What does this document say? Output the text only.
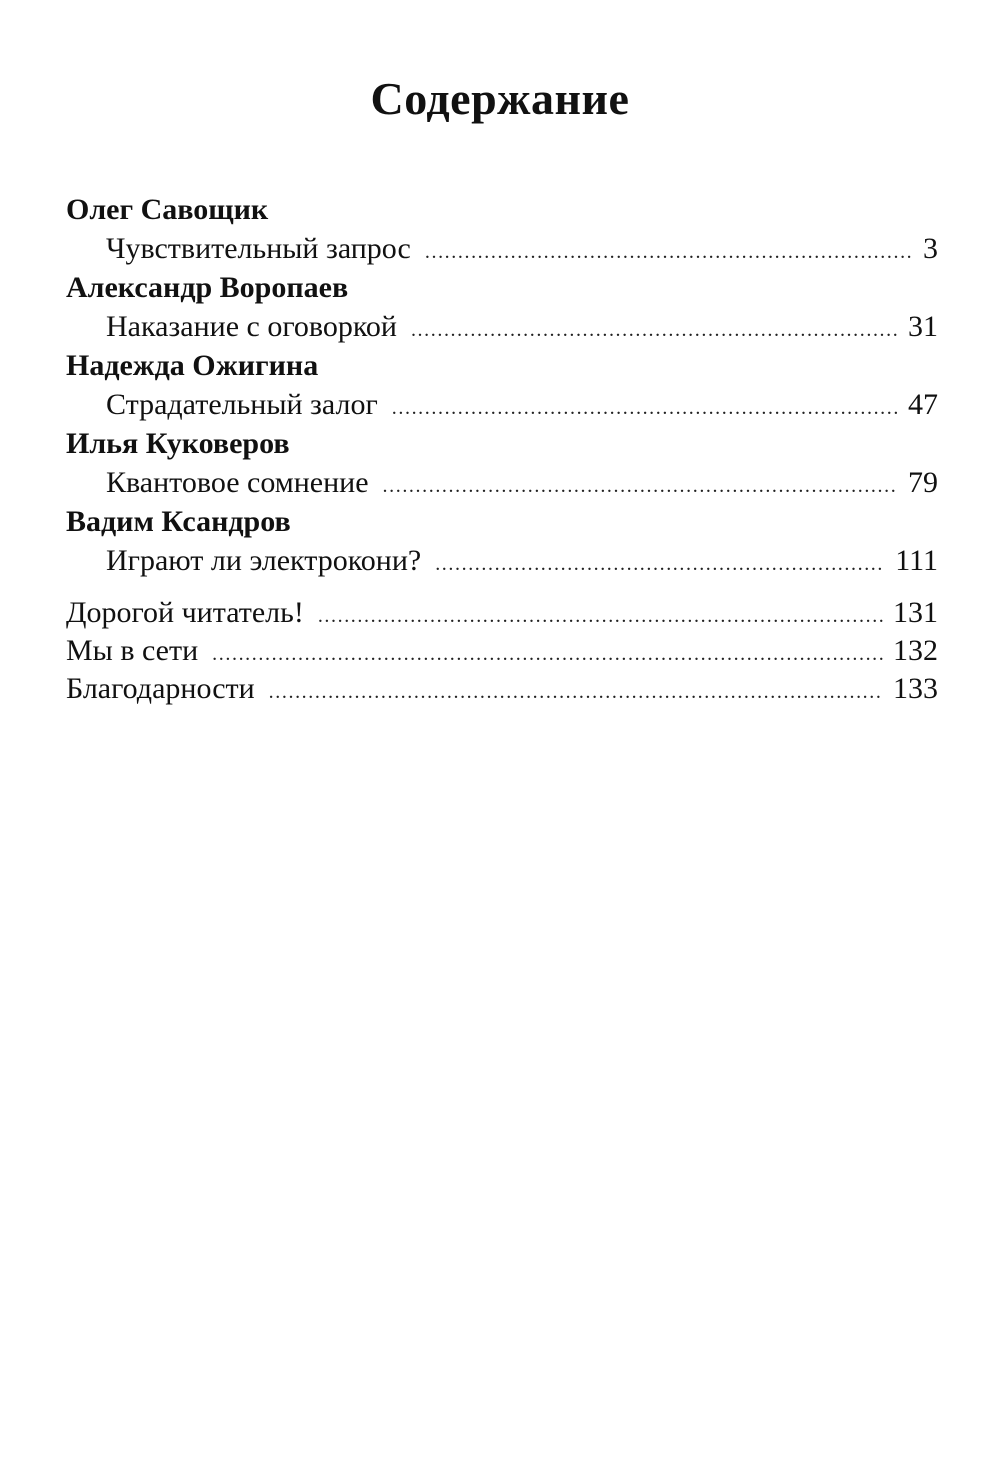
Содержание
Олег Савощик
Чувствительный запрос .....	3
Александр Воропаев
Наказание с оговоркой .....	31
Надежда Ожигина
Страдательный залог .....	47
Илья Куковеров
Квантовое сомнение .....	79
Вадим Ксандров
Играют ли электрокони? .....	111
Дорогой читатель! .....	131
Мы в сети .....	132
Благодарности .....	133
